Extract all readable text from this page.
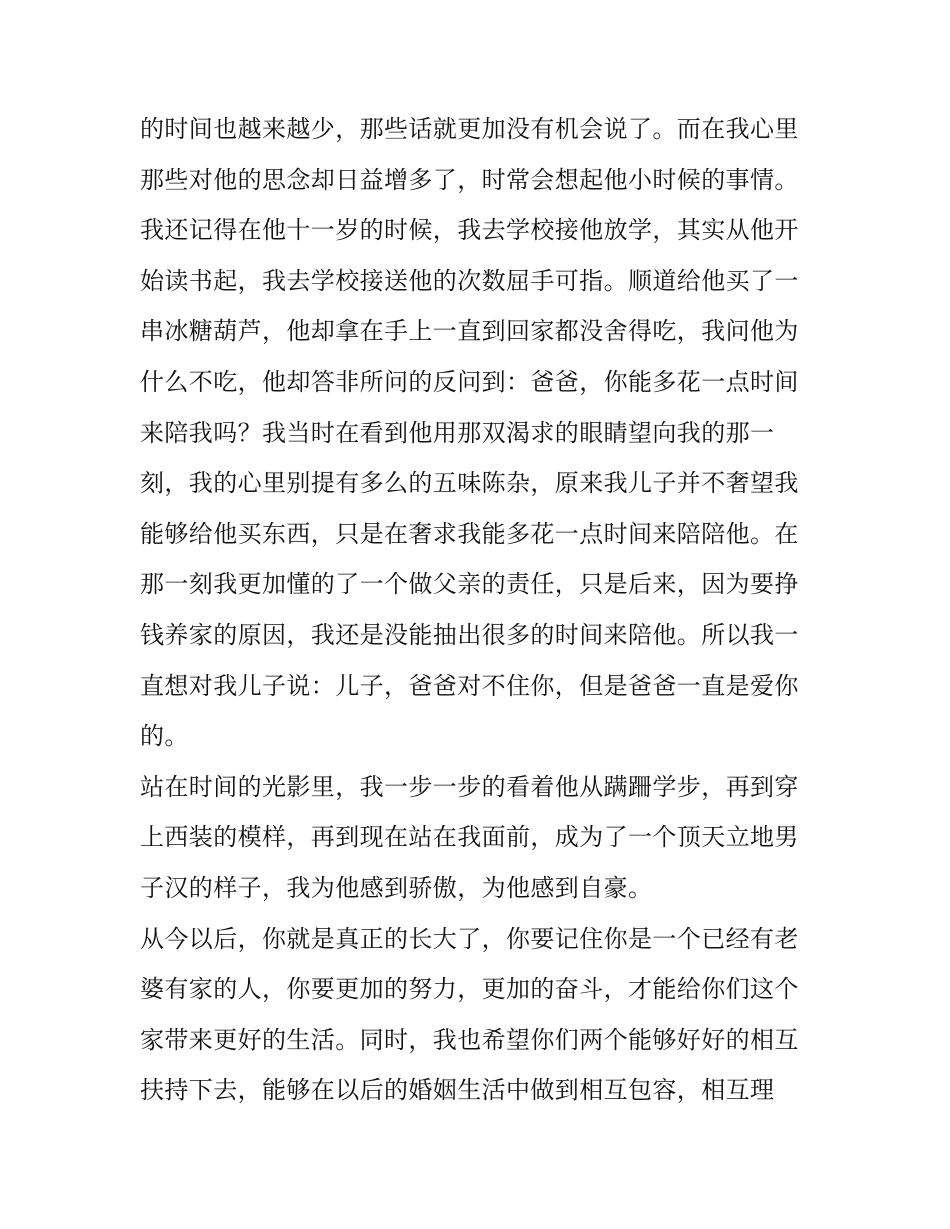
的时间也越来越少，那些话就更加没有机会说了。而在我心里

那些对他的思念却日益增多了，时常会想起他小时候的事情。

我还记得在他十一岁的时候，我去学校接他放学，其实从他开

始读书起，我去学校接送他的次数屈手可指。顺道给他买了一

串冰糖葫芦，他却拿在手上一直到回家都没舍得吃，我问他为

什么不吃，他却答非所问的反问到：爸爸，你能多花一点时间

来陪我吗？我当时在看到他用那双渴求的眼睛望向我的那一

刻，我的心里别提有多么的五味陈杂，原来我儿子并不奢望我

能够给他买东西，只是在奢求我能多花一点时间来陪陪他。在

那一刻我更加懂的了一个做父亲的责任，只是后来，因为要挣

钱养家的原因，我还是没能抽出很多的时间来陪他。所以我一

直想对我儿子说：儿子，爸爸对不住你，但是爸爸一直是爱你

的。

站在时间的光影里，我一步一步的看着他从蹒跚学步，再到穿

上西装的模样，再到现在站在我面前，成为了一个顶天立地男

子汉的样子，我为他感到骄傲，为他感到自豪。

从今以后，你就是真正的长大了，你要记住你是一个已经有老

婆有家的人，你要更加的努力，更加的奋斗，才能给你们这个

家带来更好的生活。同时，我也希望你们两个能够好好的相互

扶持下去，能够在以后的婚姻生活中做到相互包容，相互理
